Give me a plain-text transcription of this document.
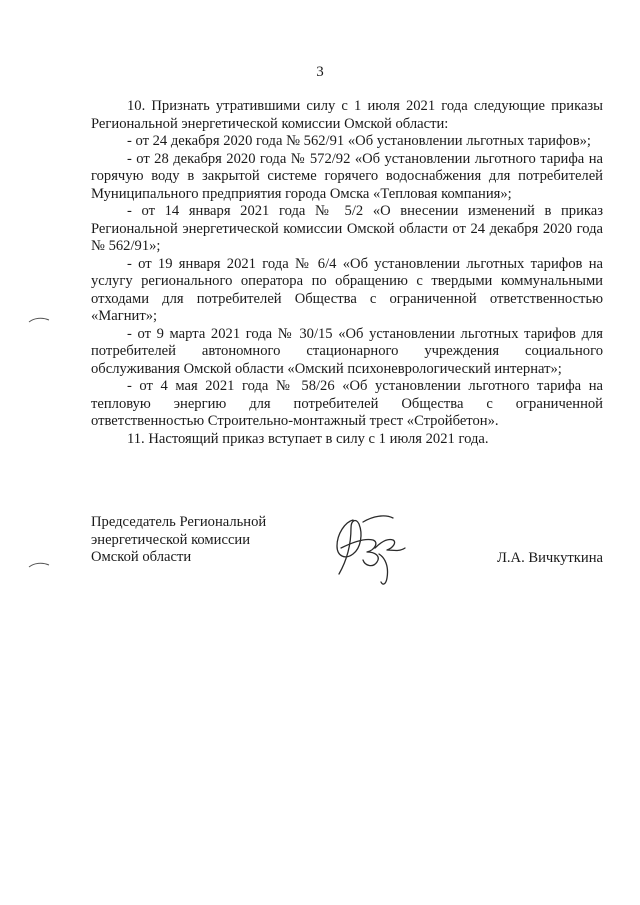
3

10. Признать утратившими силу с 1 июля 2021 года следующие приказы Региональной энергетической комиссии Омской области:

- от 24 декабря 2020 года № 562/91 «Об установлении льготных тарифов»;

- от 28 декабря 2020 года № 572/92 «Об установлении льготного тарифа на горячую воду в закрытой системе горячего водоснабжения для потребителей Муниципального предприятия города Омска «Тепловая компания»;

- от 14 января 2021 года № 5/2 «О внесении изменений в приказ Региональной энергетической комиссии Омской области от 24 декабря 2020 года № 562/91»;

- от 19 января 2021 года № 6/4 «Об установлении льготных тарифов на услугу регионального оператора по обращению с твердыми коммунальными отходами для потребителей Общества с ограниченной ответственностью «Магнит»;

- от 9 марта 2021 года № 30/15 «Об установлении льготных тарифов для потребителей автономного стационарного учреждения социального обслуживания Омской области «Омский психоневрологический интернат»;

- от 4 мая 2021 года № 58/26 «Об установлении льготного тарифа на тепловую энергию для потребителей Общества с ограниченной ответственностью Строительно-монтажный трест «Стройбетон».

11. Настоящий приказ вступает в силу с 1 июля 2021 года.

Председатель Региональной
энергетической комиссии
Омской области	Л.А. Вичкуткина
